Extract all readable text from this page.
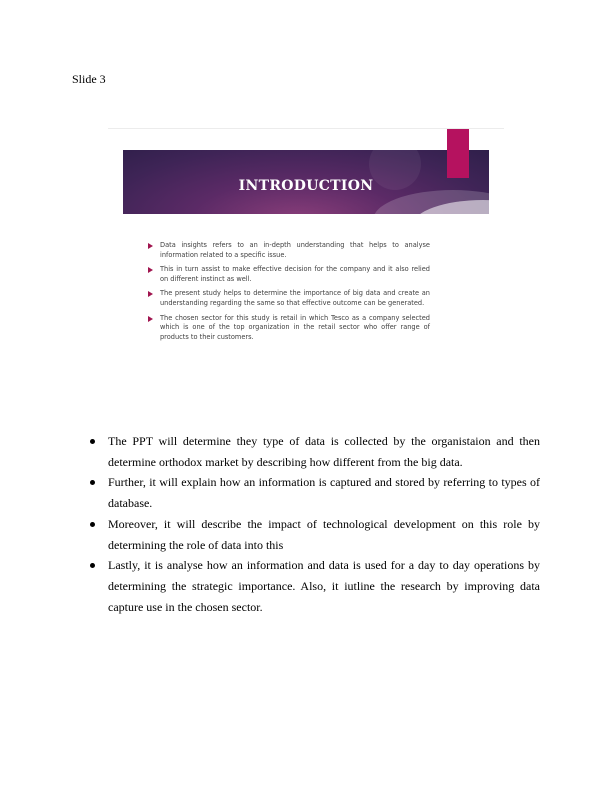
Slide 3
INTRODUCTION
Data insights refers to an in-depth understanding that helps to analyse information related to a specific issue.
This in turn assist to make effective decision for the company and it also relied on different instinct as well.
The present study helps to determine the importance of big data and create an understanding regarding the same so that effective outcome can be generated.
The chosen sector for this study is retail in which Tesco as a company selected which is one of the top organization in the retail sector who offer range of products to their customers.
The PPT will determine they type of data is collected by the organistaion and then determine orthodox market by describing how different from the big data.
Further, it will explain how an information is captured and stored by referring to types of database.
Moreover, it will describe the impact of technological development on this role by determining the role of data into this
Lastly, it is analyse how an information and data is used for a day to day operations by determining the strategic importance. Also, it iutline the research by improving data capture use in the chosen sector.
